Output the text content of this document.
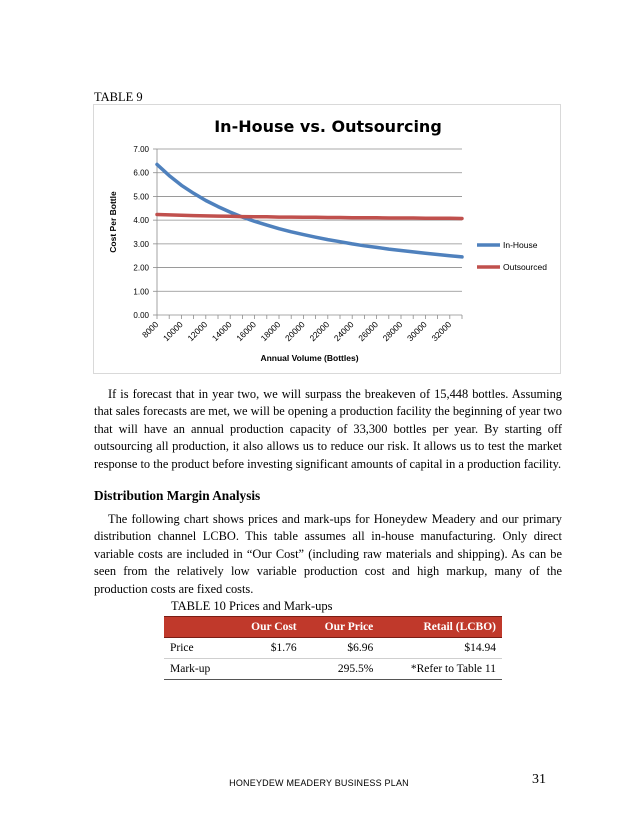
TABLE 9
In-House vs. Outsourcing
0.00
1.00
2.00
3.00
4.00
5.00
6.00
7.00
8000 10000 12000 14000 16000 18000 20000 22000 24000 26000 28000 30000 32000
Annual Volume (Bottles)
Cost Per Bottle	In-House
Outsourced

If is forecast that in year two, we will surpass the breakeven of 15,448 bottles. Assuming that sales forecasts are met, we will be opening a production facility the beginning of year two that will have an annual production capacity of 33,300 bottles per year. By starting off outsourcing all production, it also allows us to reduce our risk. It allows us to test the market response to the product before investing significant amounts of capital in a production facility.

Distribution Margin Analysis

The following chart shows prices and mark-ups for Honeydew Meadery and our primary distribution channel LCBO. This table assumes all in-house manufacturing. Only direct variable costs are included in “Our Cost” (including raw materials and shipping). As can be seen from the relatively low variable production cost and high markup, many of the production costs are fixed costs.

TABLE 10 Prices and Mark-ups
	Our Cost	Our Price	Retail (LCBO)
Price	$1.76	$6.96	$14.94
Mark-up		295.5%	*Refer to Table 11
HONEYDEW MEADERY BUSINESS PLAN	31
